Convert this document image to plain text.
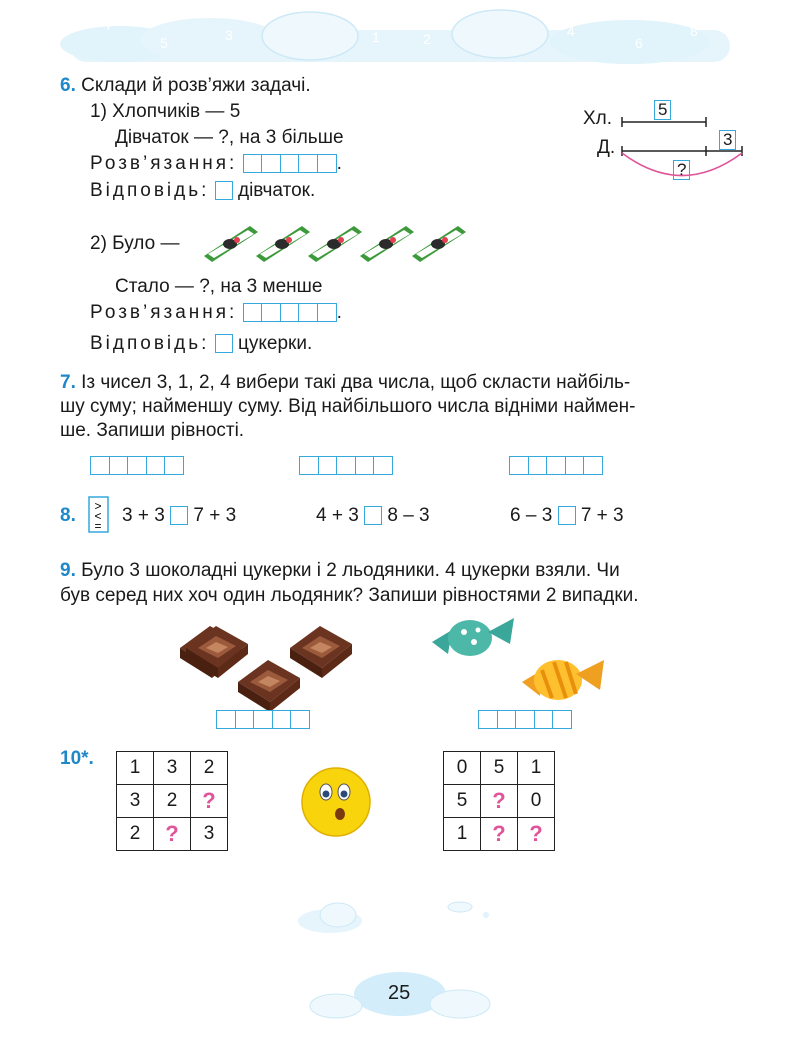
7
5	3	1
0
2	4
6
8
6. Склади й розв’яжи задачі.
1) Хлопчиків — 5
Дівчаток — ?, на 3 більше
Розв’язання:	.
Відповідь: дівчаток.
Хл.
Д.
5
3
?
2) Було —
Стало — ?, на 3 менше
Розв’язання:	.
Відповідь: цукерки.
7. Із чисел 3, 1, 2, 4 вибери такі два числа, щоб скласти найбіль-
шу суму; найменшу суму. Від найбільшого числа відніми наймен-
ше. Запиши рівності.
8. >
<
= 3 + 3 7 + 3	4 + 3 8 – 3	6 – 3 7 + 3
9. Було 3 шоколадні цукерки і 2 льодяники. 4 цукерки взяли. Чи
був серед них хоч один льодяник? Запиши рівностями 2 випадки.
10*. 1	3	2
3	2	?
2	?	3
0	5	1
5	?	0
1	?	?
25
